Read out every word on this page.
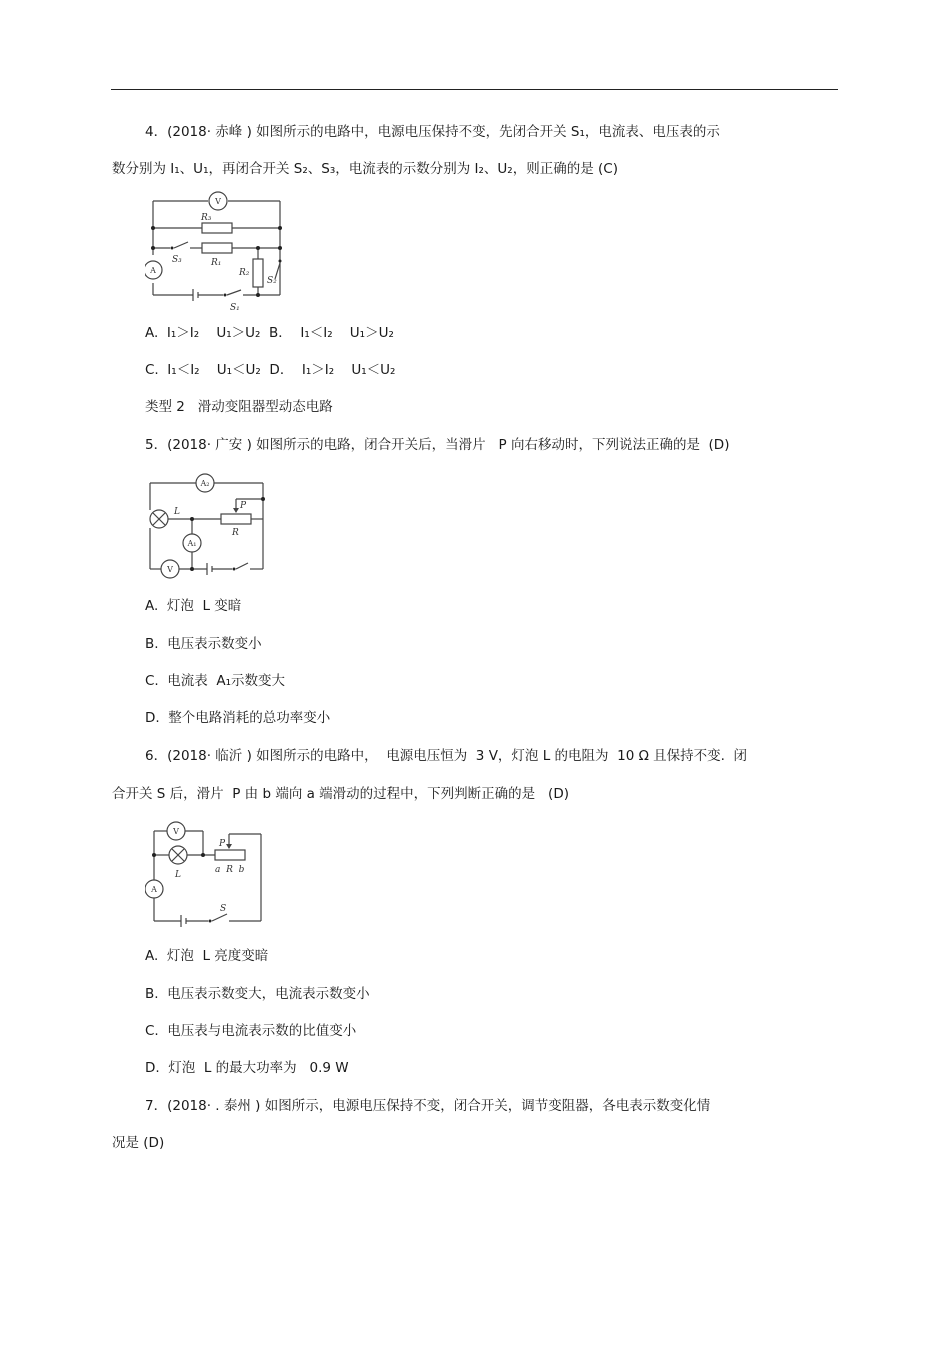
4．(2018· 赤峰 ) 如图所示的电路中，电源电压保持不变，先闭合开关 S₁，电流表、电压表的示
数分别为 I₁、U₁，再闭合开关 S₂、S₃，电流表的示数分别为 I₂、U₂，则正确的是 (C)
V
A
R₃
R₁
R₂
S₃
S₂
S₁
A.  I₁＞I₂    U₁＞U₂  B．  I₁＜I₂    U₁＞U₂
C.  I₁＜I₂    U₁＜U₂  D．  I₁＞I₂    U₁＜U₂
类型 2   滑动变阻器型动态电路
5．(2018· 广安 ) 如图所示的电路，闭合开关后，当滑片   P 向右移动时，下列说法正确的是  (D)
A₂
A₁
V
L
P
R
A.  灯泡  L 变暗
B.  电压表示数变小
C.  电流表  A₁示数变大
D.  整个电路消耗的总功率变小
6．(2018· 临沂 ) 如图所示的电路中，  电源电压恒为  3 V，灯泡 L 的电阻为  10 Ω 且保持不变.  闭
合开关 S 后，滑片  P 由 b 端向 a 端滑动的过程中，下列判断正确的是   (D)
V
A
L
P
a  R  b
S
A.  灯泡  L 亮度变暗
B.  电压表示数变大，电流表示数变小
C.  电压表与电流表示数的比值变小
D.  灯泡  L 的最大功率为   0.9 W
7．(2018· . 泰州 ) 如图所示，电源电压保持不变，闭合开关，调节变阻器，各电表示数变化情
况是 (D)
